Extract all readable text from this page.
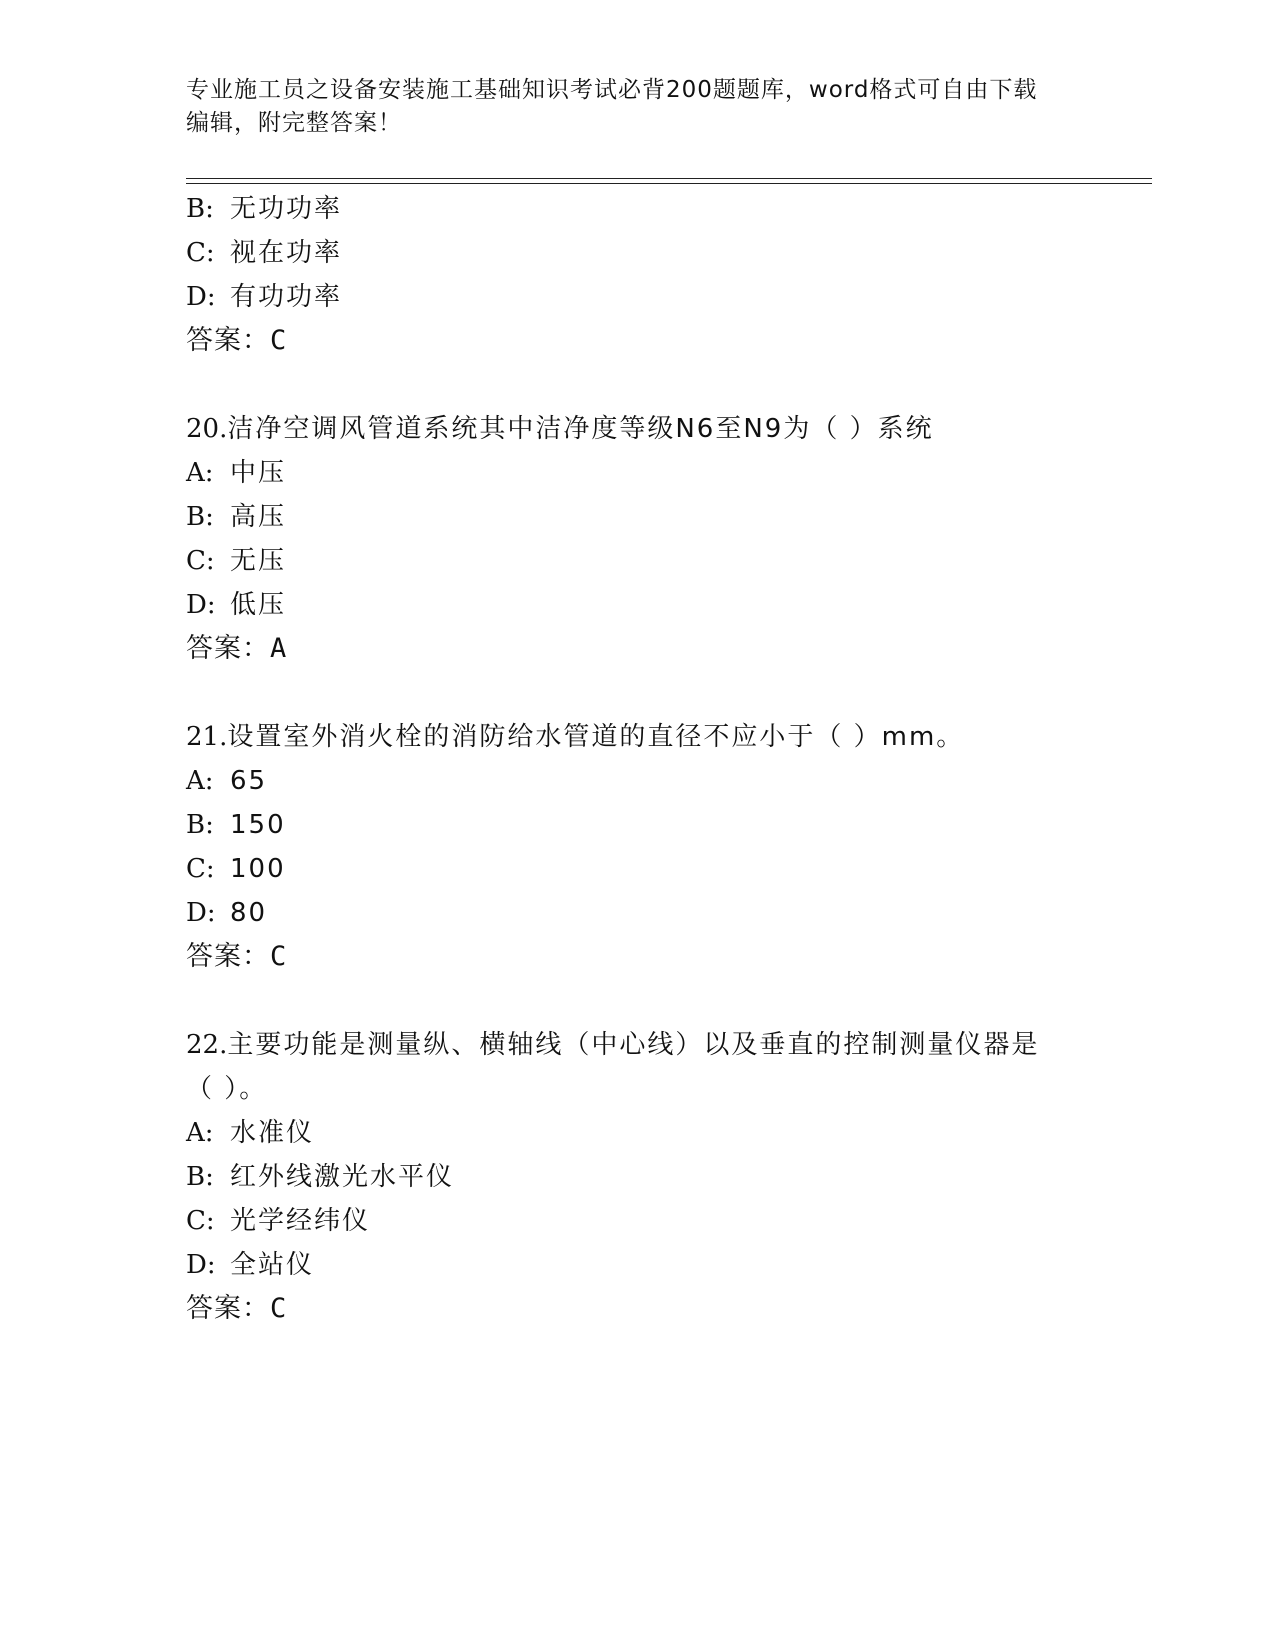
专业施工员之设备安装施工基础知识考试必背200题题库，word格式可自由下载
编辑，附完整答案！
B: 无功功率
C: 视在功率
D: 有功功率
答案：C
20.洁净空调风管道系统其中洁净度等级N6至N9为（ ）系统
A: 中压
B: 高压
C: 无压
D: 低压
答案：A
21.设置室外消火栓的消防给水管道的直径不应小于（ ）mm。
A: 65
B: 150
C: 100
D: 80
答案：C
22.主要功能是测量纵、横轴线（中心线）以及垂直的控制测量仪器是
（ ）。
A: 水准仪
B: 红外线激光水平仪
C: 光学经纬仪
D: 全站仪
答案：C
